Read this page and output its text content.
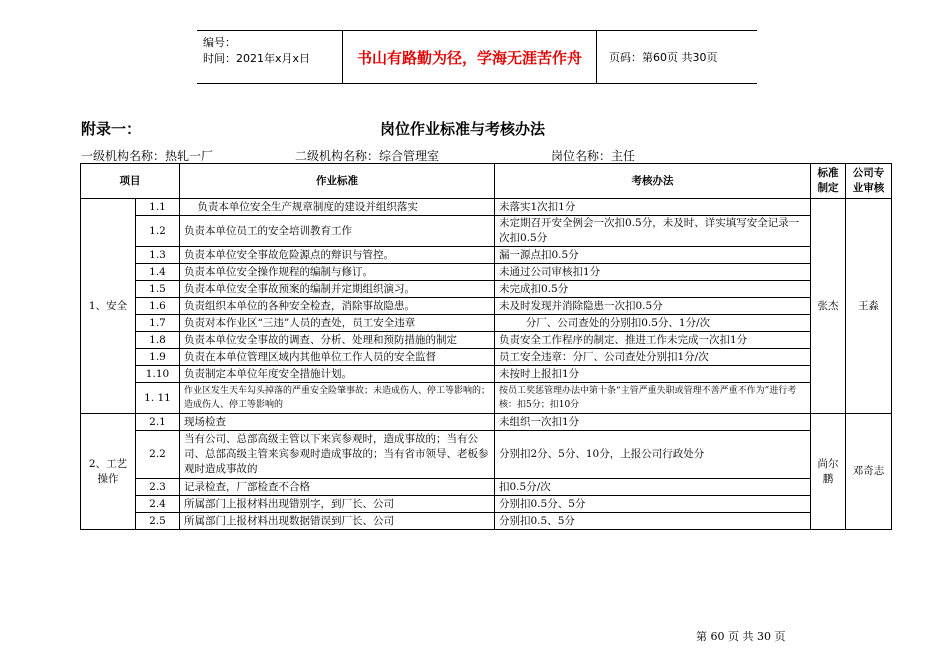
编号：
时间：2021年x月x日	书山有路勤为径，学海无涯苦作舟	页码：第60页 共30页
附录一：	岗位作业标准与考核办法
一级机构名称：热轧一厂	二级机构名称：综合管理室	岗位名称：主任
项目		作业标准	考核办法	标准制定	公司专业审核
1、安全	1.1	负责本单位安全生产规章制度的建设并组织落实	未落实1次扣1分	张杰	王淼
	1.2	负责本单位员工的安全培训教育工作	未定期召开安全例会一次扣0.5分，未及时、详实填写安全记录一次扣0.5分		
	1.3	负责本单位安全事故危险源点的辩识与管控。	漏一源点扣0.5分		
	1.4	负责本单位安全操作规程的编制与修订。	未通过公司审核扣1分		
	1.5	负责本单位安全事故预案的编制并定期组织演习。	未完成扣0.5分		
	1.6	负责组织本单位的各种安全检查，消除事故隐患。	未及时发现并消除隐患一次扣0.5分		
	1.7	负责对本作业区“三违”人员的查处，员工安全违章	分厂、公司查处的分别扣0.5分、1分/次		
	1.8	负责本单位安全事故的调查、分析、处理和预防措施的制定	负责安全工作程序的制定、推进工作未完成一次扣1分		
	1.9	负责在本单位管理区域内其他单位工作人员的安全监督	员工安全违章：分厂、公司查处分别扣1分/次		
	1.10	负责制定本单位年度安全措施计划。	未按时上报扣1分		
	1. 11	作业区发生天车勾头掉落的严重安全险肇事故；未造成伤人、停工等影响的；造成伤人、停工等影响的	按员工奖惩管理办法中第十条“主管严重失职或管理不善严重不作为”进行考核：扣5分；扣10分		
2、工艺操作	2.1	现场检查	未组织一次扣1分	尚尔鹏	邓奇志
	2.2	当有公司、总部高级主管以下来宾参观时，造成事故的；当有公司、总部高级主管来宾参观时造成事故的；当有省市领导、老板参观时造成事故的	分别扣2分、5分、10分，上报公司行政处分		
	2.3	记录检查，厂部检查不合格	扣0.5分/次		
	2.4	所属部门上报材料出现错别字，到厂长、公司	分别扣0.5分、5分		
	2.5	所属部门上报材料出现数据错误到厂长、公司	分别扣0.5、5分		
第 60 页 共 30 页
